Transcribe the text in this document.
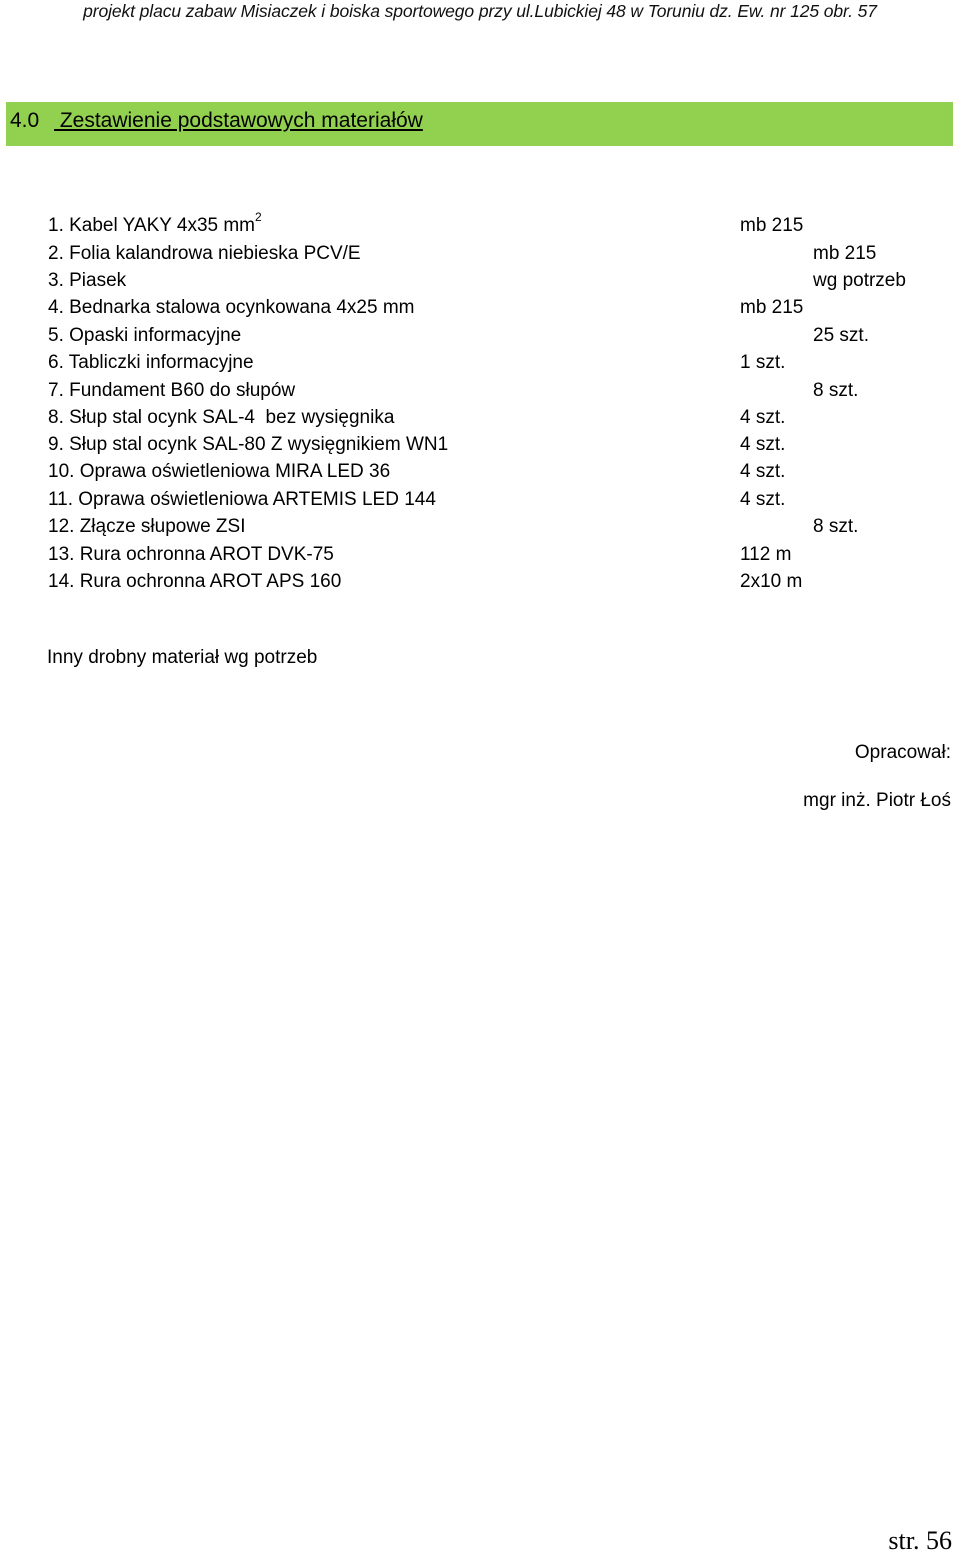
projekt placu zabaw Misiaczek i boiska sportowego przy ul.Lubickiej 48 w Toruniu dz. Ew. nr 125 obr. 57
4.0 Zestawienie podstawowych materiałów
1. Kabel YAKY 4x35 $mm^2$	mb 215
2. Folia kalandrowa niebieska PCV/E	mb 215
3. Piasek	wg potrzeb
4. Bednarka stalowa ocynkowana 4x25 mm	mb 215
5. Opaski informacyjne	25 szt.
6. Tabliczki informacyjne	1 szt.
7. Fundament B60 do słupów	8 szt.
8. Słup stal ocynk SAL-4  bez wysięgnika	4 szt.
9. Słup stal ocynk SAL-80 Z wysięgnikiem WN1	4 szt.
10. Oprawa oświetleniowa MIRA LED 36	4 szt.
11. Oprawa oświetleniowa ARTEMIS LED 144	4 szt.
12. Złącze słupowe ZSI	8 szt.
13. Rura ochronna AROT DVK-75	112 m
14. Rura ochronna AROT APS 160	2x10 m
Inny drobny materiał wg potrzeb
Opracował:
mgr inż. Piotr Łoś
str. 56
